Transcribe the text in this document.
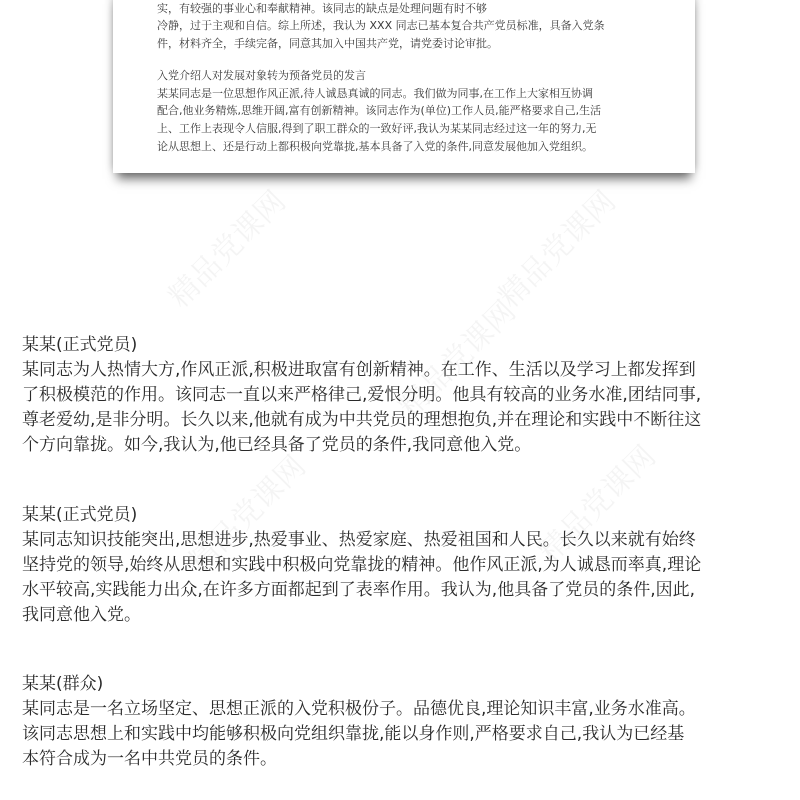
实，有较强的事业心和奉献精神。该同志的缺点是处理问题有时不够

冷静，过于主观和自信。综上所述，我认为 XXX 同志已基本复合共产党员标准，具备入党条

件，材料齐全，手续完备，同意其加入中国共产党，请党委讨论审批。

入党介绍人对发展对象转为预备党员的发言

某某同志是一位思想作风正派,待人诚恳真诚的同志。我们做为同事,在工作上大家相互协调

配合,他业务精炼,思维开阔,富有创新精神。该同志作为(单位)工作人员,能严格要求自己,生活

上、工作上表现令人信服,得到了职工群众的一致好评,我认为某某同志经过这一年的努力,无

论从思想上、还是行动上都积极向党靠拢,基本具备了入党的条件,同意发展他加入党组织。

某某(正式党员)
某同志为人热情大方,作风正派,积极进取富有创新精神。在工作、生活以及学习上都发挥到
了积极模范的作用。该同志一直以来严格律己,爱恨分明。他具有较高的业务水准,团结同事,
尊老爱幼,是非分明。长久以来,他就有成为中共党员的理想抱负,并在理论和实践中不断往这
个方向靠拢。如今,我认为,他已经具备了党员的条件,我同意他入党。
某某(正式党员)
某同志知识技能突出,思想进步,热爱事业、热爱家庭、热爱祖国和人民。长久以来就有始终
坚持党的领导,始终从思想和实践中积极向党靠拢的精神。他作风正派,为人诚恳而率真,理论
水平较高,实践能力出众,在许多方面都起到了表率作用。我认为,他具备了党员的条件,因此,
我同意他入党。
某某(群众)
某同志是一名立场坚定、思想正派的入党积极份子。品德优良,理论知识丰富,业务水准高。
该同志思想上和实践中均能够积极向党组织靠拢,能以身作则,严格要求自己,我认为已经基
本符合成为一名中共党员的条件。
